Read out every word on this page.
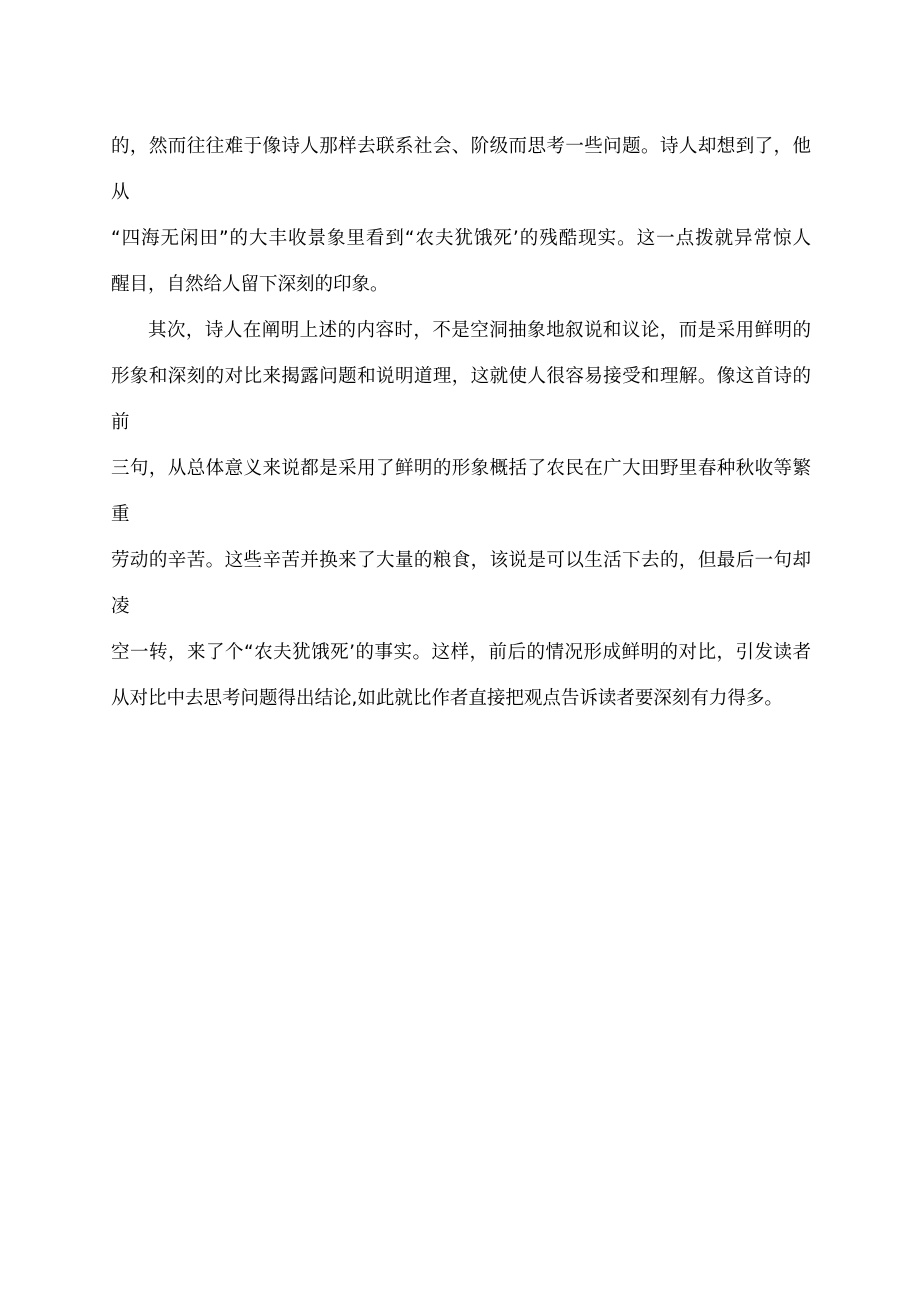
的，然而往往难于像诗人那样去联系社会、阶级而思考一些问题。诗人却想到了，他从
“四海无闲田”的大丰收景象里看到“农夫犹饿死’的残酷现实。这一点拨就异常惊人
醒目，自然给人留下深刻的印象。
其次，诗人在阐明上述的内容时，不是空洞抽象地叙说和议论，而是采用鲜明的
形象和深刻的对比来揭露问题和说明道理，这就使人很容易接受和理解。像这首诗的前
三句，从总体意义来说都是采用了鲜明的形象概括了农民在广大田野里春种秋收等繁重
劳动的辛苦。这些辛苦并换来了大量的粮食，该说是可以生活下去的，但最后一句却凌
空一转，来了个“农夫犹饿死’的事实。这样，前后的情况形成鲜明的对比，引发读者
从对比中去思考问题得出结论,如此就比作者直接把观点告诉读者要深刻有力得多。
